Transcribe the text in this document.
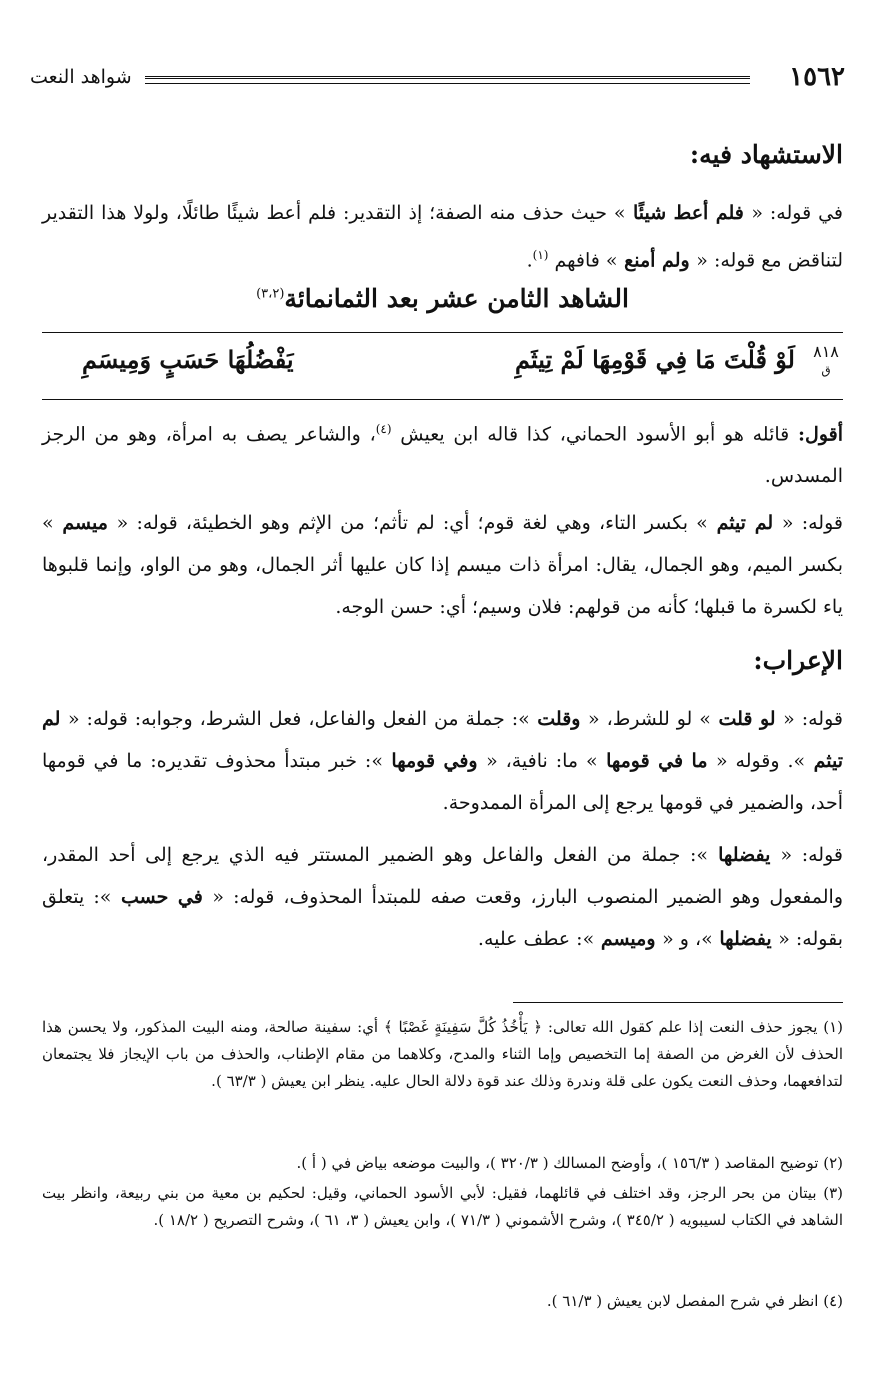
١٥٦٢
شواهد النعت
الاستشهاد فيه:
في قوله: « فلم أعط شيئًا » حيث حذف منه الصفة؛ إذ التقدير: فلم أعط شيئًا طائلًا، ولولا هذا التقدير لتناقض مع قوله: « ولم أمنع » فافهم $^{(١)}$.
الشاهد الثامن عشر بعد الثمانمائة$^{(٣،٢)}$
٨١٨
ق
لَوْ قُلْتَ مَا فِي قَوْمِهَا لَمْ تِيثَمِ
يَفْضُلُهَا حَسَبٍ وَمِيسَمِ
أقول: قائله هو أبو الأسود الحماني، كذا قاله ابن يعيش $^{(٤)}$، والشاعر يصف به امرأة، وهو من الرجز المسدس.
قوله: « لم تيثم » بكسر التاء، وهي لغة قوم؛ أي: لم تأثم؛ من الإثم وهو الخطيئة، قوله: « ميسم » بكسر الميم، وهو الجمال، يقال: امرأة ذات ميسم إذا كان عليها أثر الجمال، وهو من الواو، وإنما قلبوها ياء لكسرة ما قبلها؛ كأنه من قولهم: فلان وسيم؛ أي: حسن الوجه.
الإعراب:
قوله: « لو قلت » لو للشرط، « وقلت »: جملة من الفعل والفاعل، فعل الشرط، وجوابه: قوله: « لم تيثم ». وقوله « ما في قومها » ما: نافية، « وفي قومها »: خبر مبتدأ محذوف تقديره: ما في قومها أحد، والضمير في قومها يرجع إلى المرأة الممدوحة.
قوله: « يفضلها »: جملة من الفعل والفاعل وهو الضمير المستتر فيه الذي يرجع إلى أحد المقدر، والمفعول وهو الضمير المنصوب البارز، وقعت صفه للمبتدأ المحذوف، قوله: « في حسب »: يتعلق بقوله: « يفضلها »، و « وميسم »: عطف عليه.
(١) يجوز حذف النعت إذا علم كقول الله تعالى: ﴿ يَأْخُذُ كُلَّ سَفِينَةٍ غَصْبًا ﴾ أي: سفينة صالحة، ومنه البيت المذكور، ولا يحسن هذا الحذف لأن الغرض من الصفة إما التخصيص وإما الثناء والمدح، وكلاهما من مقام الإطناب، والحذف من باب الإيجاز فلا يجتمعان لتدافعهما، وحذف النعت يكون على قلة وندرة وذلك عند قوة دلالة الحال عليه. ينظر ابن يعيش ( ٦٣/٣ ).
(٢) توضيح المقاصد ( ١٥٦/٣ )، وأوضح المسالك ( ٣٢٠/٣ )، والبيت موضعه بياض في ( أ ).
(٣) بيتان من بحر الرجز، وقد اختلف في قائلهما، فقيل: لأبي الأسود الحماني، وقيل: لحكيم بن معية من بني ربيعة، وانظر بيت الشاهد في الكتاب لسيبويه ( ٣٤٥/٢ )، وشرح الأشموني ( ٧١/٣ )، وابن يعيش ( ٣، ٦١ )، وشرح التصريح ( ١٨/٢ ).
(٤) انظر في شرح المفصل لابن يعيش ( ٦١/٣ ).
